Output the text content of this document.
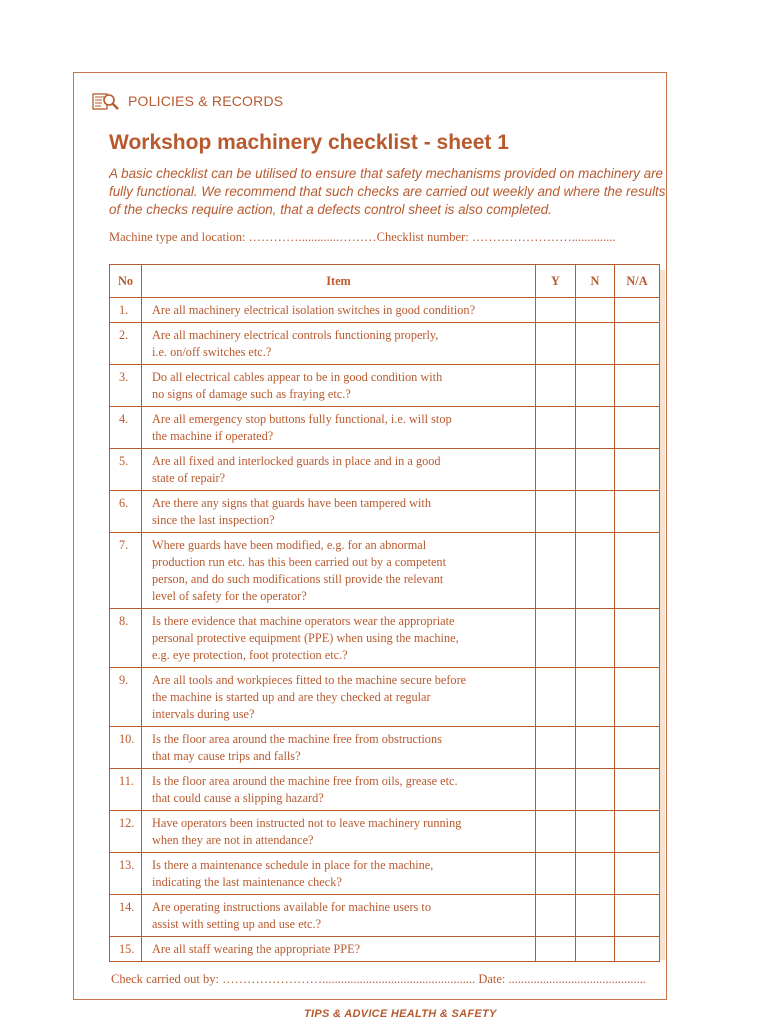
POLICIES & RECORDS
Workshop machinery checklist - sheet 1

A basic checklist can be utilised to ensure that safety mechanisms provided on machinery are fully functional. We recommend that such checks are carried out weekly and where the results of the checks require action, that a defects control sheet is also completed.

Machine type and location: ………….............………Checklist number: ……………………..............
No	Item	Y	N	N/A
1.	Are all machinery electrical isolation switches in good condition?			
2.	Are all machinery electrical controls functioning properly,
i.e. on/off switches etc.?			
3.	Do all electrical cables appear to be in good condition with
no signs of damage such as fraying etc.?			
4.	Are all emergency stop buttons fully functional, i.e. will stop
the machine if operated?			
5.	Are all fixed and interlocked guards in place and in a good
state of repair?			
6.	Are there any signs that guards have been tampered with
since the last inspection?			
7.	Where guards have been modified, e.g. for an abnormal
production run etc. has this been carried out by a competent
person, and do such modifications still provide the relevant
level of safety for the operator?			
8.	Is there evidence that machine operators wear the appropriate
personal protective equipment (PPE) when using the machine,
e.g. eye protection, foot protection etc.?			
9.	Are all tools and workpieces fitted to the machine secure before
the machine is started up and are they checked at regular
intervals during use?			
10.	Is the floor area around the machine free from obstructions
that may cause trips and falls?			
11.	Is the floor area around the machine free from oils, grease etc.
that could cause a slipping hazard?			
12.	Have operators been instructed not to leave machinery running
when they are not in attendance?			
13.	Is there a maintenance schedule in place for the machine,
indicating the last maintenance check?			
14.	Are operating instructions available for machine users to
assist with setting up and use etc.?			
15.	Are all staff wearing the appropriate PPE?			
Check carried out by: ……………………................................................. Date: ............................................
TIPS & ADVICE HEALTH & SAFETY
